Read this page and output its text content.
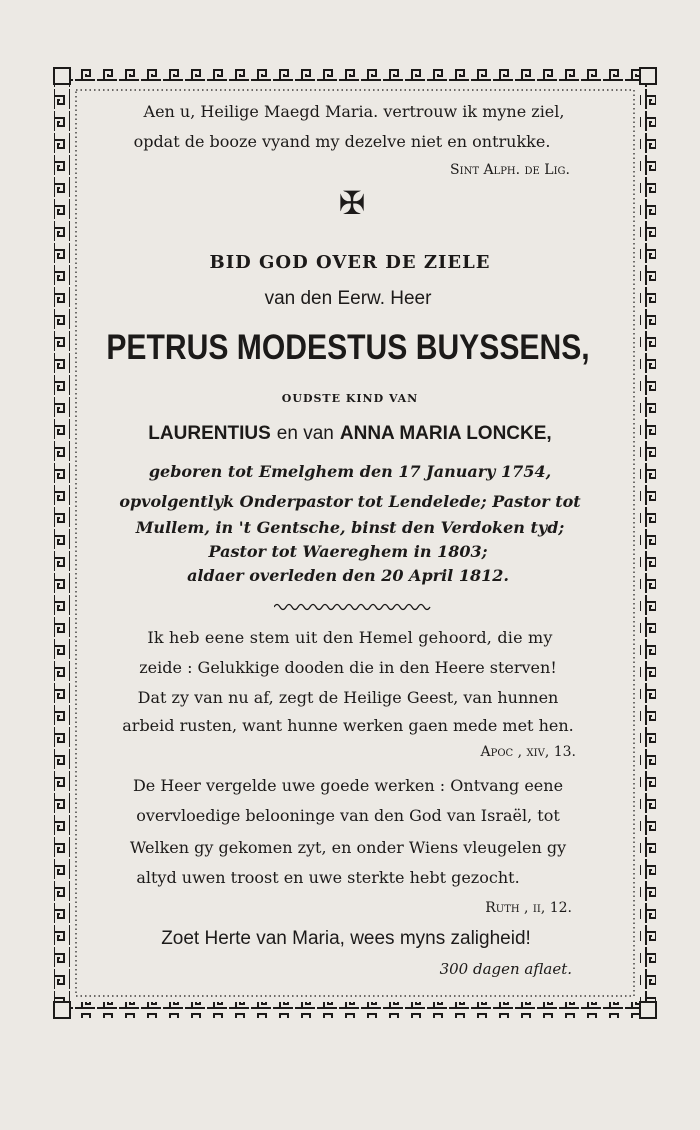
Aen u, Heilige Maegd Maria. vertrouw ik myne ziel,
opdat de booze vyand my dezelve niet en ontrukke.
Sint Alph. de Lig.
✠
BID GOD OVER DE ZIELE
van den Eerw. Heer
PETRUS MODESTUS BUYSSENS,
OUDSTE KIND VAN
LAURENTIUS en van ANNA MARIA LONCKE,
geboren tot Emelghem den 17 January 1754,
opvolgentlyk Onderpastor tot Lendelede; Pastor tot
Mullem, in 't Gentsche, binst den Verdoken tyd;
Pastor tot Waereghem in 1803;
aldaer overleden den 20 April 1812.
Ik heb eene stem uit den Hemel gehoord, die my
zeide : Gelukkige dooden die in den Heere sterven!
Dat zy van nu af, zegt de Heilige Geest, van hunnen
arbeid rusten, want hunne werken gaen mede met hen.
Apoc , xiv, 13.
De Heer vergelde uwe goede werken : Ontvang eene
overvloedige belooninge van den God van Israël, tot
Welken gy gekomen zyt, en onder Wiens vleugelen gy
altyd uwen troost en uwe sterkte hebt gezocht.
Ruth , ii, 12.
Zoet Herte van Maria, wees myns zaligheid!
300 dagen aflaet.
